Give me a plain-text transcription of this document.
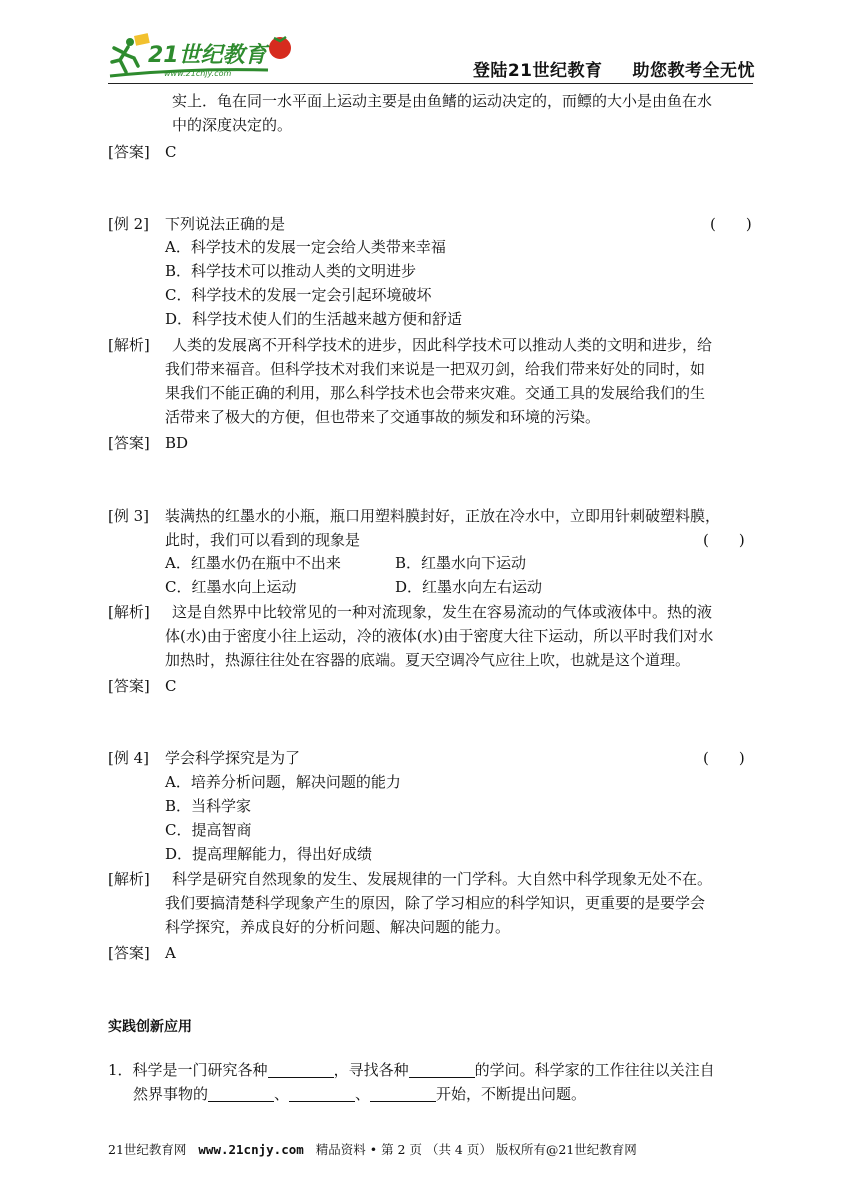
21世纪教育
www.21cnjy.com	登陆21世纪教育 助您教考全无忧
实上．龟在同一水平面上运动主要是由鱼鳍的运动决定的，而鳔的大小是由鱼在水
中的深度决定的。
[答案] C
[例 2] 下列说法正确的是	(　　)
A．科学技术的发展一定会给人类带来幸福
B．科学技术可以推动人类的文明进步
C．科学技术的发展一定会引起环境破坏
D．科学技术使人们的生活越来越方便和舒适
[解析] 人类的发展离不开科学技术的进步，因此科学技术可以推动人类的文明和进步，给
我们带来福音。但科学技术对我们来说是一把双刃剑，给我们带来好处的同时，如
果我们不能正确的利用，那么科学技术也会带来灾难。交通工具的发展给我们的生
活带来了极大的方便，但也带来了交通事故的频发和环境的污染。
[答案] BD
[例 3] 装满热的红墨水的小瓶，瓶口用塑料膜封好，正放在冷水中，立即用针刺破塑料膜，
此时，我们可以看到的现象是	(　　)
A．红墨水仍在瓶中不出来	B．红墨水向下运动
C．红墨水向上运动	D．红墨水向左右运动
[解析] 这是自然界中比较常见的一种对流现象，发生在容易流动的气体或液体中。热的液
体(水)由于密度小往上运动，冷的液体(水)由于密度大往下运动，所以平时我们对水
加热时，热源往往处在容器的底端。夏天空调冷气应往上吹，也就是这个道理。
[答案] C
[例 4] 学会科学探究是为了	(　　)
A．培养分析问题，解决问题的能力
B．当科学家
C．提高智商
D．提高理解能力，得出好成绩
[解析] 科学是研究自然现象的发生、发展规律的一门学科。大自然中科学现象无处不在。
我们要搞清楚科学现象产生的原因，除了学习相应的科学知识，更重要的是要学会
科学探究，养成良好的分析问题、解决问题的能力。
[答案] A
实践创新应用
1．科学是一门研究各种	，寻找各种	的学问。科学家的工作往往以关注自
然界事物的	、	、	开始，不断提出问题。
21世纪教育网 www.21cnjy.com 精品资料 • 第 2 页 （共 4 页） 版权所有@21世纪教育网
